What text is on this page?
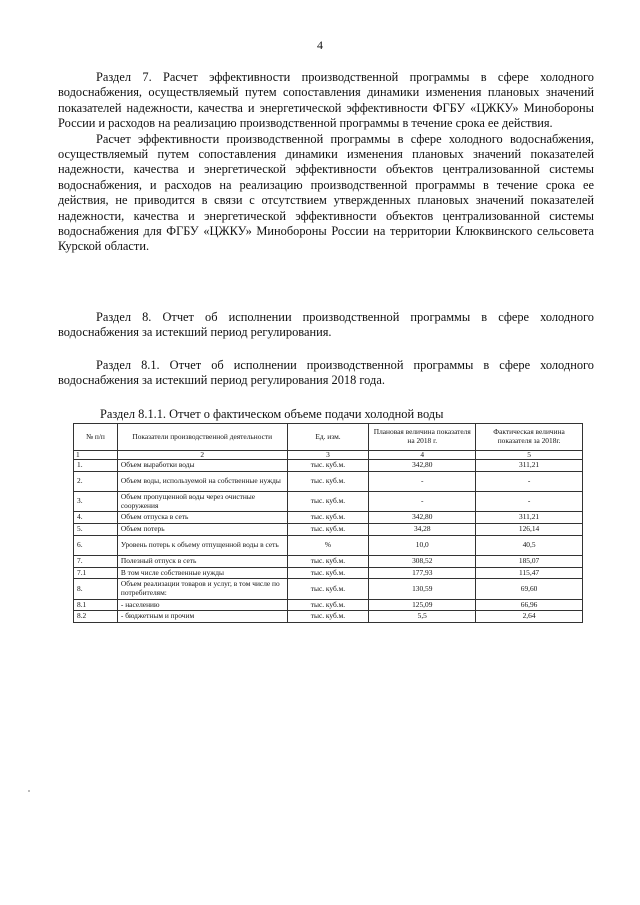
4

Раздел 7. Расчет эффективности производственной программы в сфере холодного водоснабжения, осуществляемый путем сопоставления динамики изменения плановых значений показателей надежности, качества и энергетической эффективности ФГБУ «ЦЖКУ» Минобороны России и расходов на реализацию производственной программы в течение срока ее действия.

Расчет эффективности производственной программы в сфере холодного водоснабжения, осуществляемый путем сопоставления динамики изменения плановых значений показателей надежности, качества и энергетической эффективности объектов централизованной системы водоснабжения, и расходов на реализацию производственной программы в течение срока ее действия, не приводится в связи с отсутствием утвержденных плановых значений показателей надежности, качества и энергетической эффективности объектов централизованной системы водоснабжения для ФГБУ «ЦЖКУ» Минобороны России на территории Клюквинского сельсовета Курской области.

Раздел 8. Отчет об исполнении производственной программы в сфере холодного водоснабжения за истекший период регулирования.

Раздел 8.1. Отчет об исполнении производственной программы в сфере холодного водоснабжения за истекший период регулирования 2018 года.

Раздел 8.1.1. Отчет о фактическом объеме подачи холодной воды
№ п/п	Показатели производственной деятельности	Ед. изм.	Плановая величина показателя на 2018 г.	Фактическая величина показателя за 2018г.
1	2	3	4	5
1.	Объем выработки воды	тыс. куб.м.	342,80	311,21
2.	Объем воды, используемой на собственные нужды	тыс. куб.м.	-	-
3.	Объем пропущенной воды через очистные сооружения	тыс. куб.м.	-	-
4.	Объем отпуска в сеть	тыс. куб.м.	342,80	311,21
5.	Объем потерь	тыс. куб.м.	34,28	126,14
6.	Уровень потерь к объему отпущенной воды в сеть	%	10,0	40,5
7.	Полезный отпуск в сеть	тыс. куб.м.	308,52	185,07
7.1	В том числе собственные нужды	тыс. куб.м.	177,93	115,47
8.	Объем реализации товаров и услуг, в том числе по потребителям:	тыс. куб.м.	130,59	69,60
8.1	- населению	тыс. куб.м.	125,09	66,96
8.2	- бюджетным и прочим	тыс. куб.м.	5,5	2,64
